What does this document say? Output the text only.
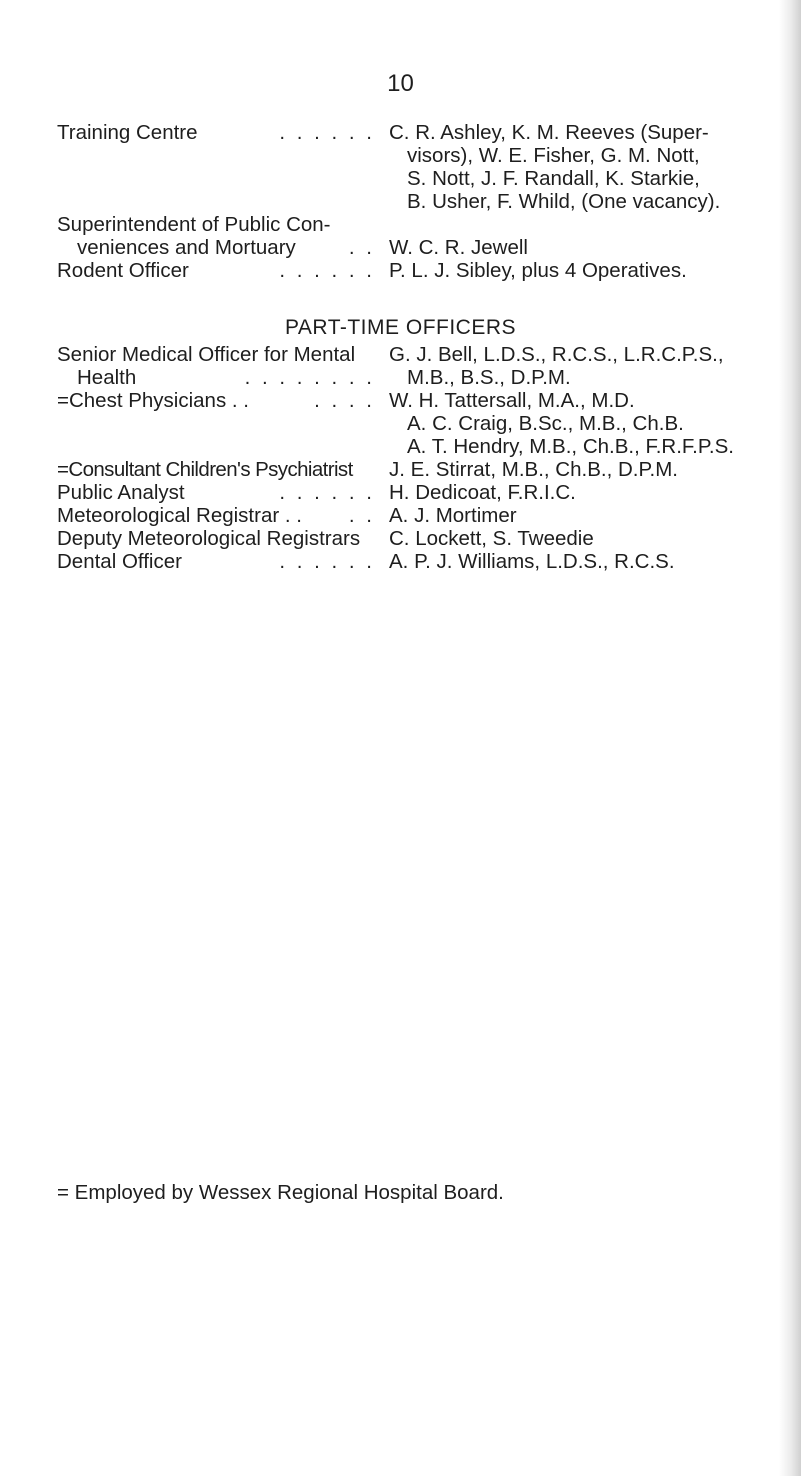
10
Training Centre	. . . . . . C. R. Ashley, K. M. Reeves (Super-
visors), W. E. Fisher, G. M. Nott,
S. Nott, J. F. Randall, K. Starkie,
B. Usher, F. Whild, (One vacancy).
Superintendent of Public Con-
veniences and Mortuary	. . W. C. R. Jewell
Rodent Officer	. . . . . . P. L. J. Sibley, plus 4 Operatives.
PART-TIME OFFICERS
Senior Medical Officer for Mental
Health	. . . . . . . .
G. J. Bell, L.D.S., R.C.S., L.R.C.P.S.,
M.B., B.S., D.P.M.
=Chest Physicians . .	. . . . W. H. Tattersall, M.A., M.D.
A. C. Craig, B.Sc., M.B., Ch.B.
A. T. Hendry, M.B., Ch.B., F.R.F.P.S.
=Consultant Children's Psychiatrist	J. E. Stirrat, M.B., Ch.B., D.P.M.
Public Analyst	. . . . . . H. Dedicoat, F.R.I.C.
Meteorological Registrar . .	. . A. J. Mortimer
Deputy Meteorological Registrars	C. Lockett, S. Tweedie
Dental Officer	. . . . . . A. P. J. Williams, L.D.S., R.C.S.
= Employed by Wessex Regional Hospital Board.
